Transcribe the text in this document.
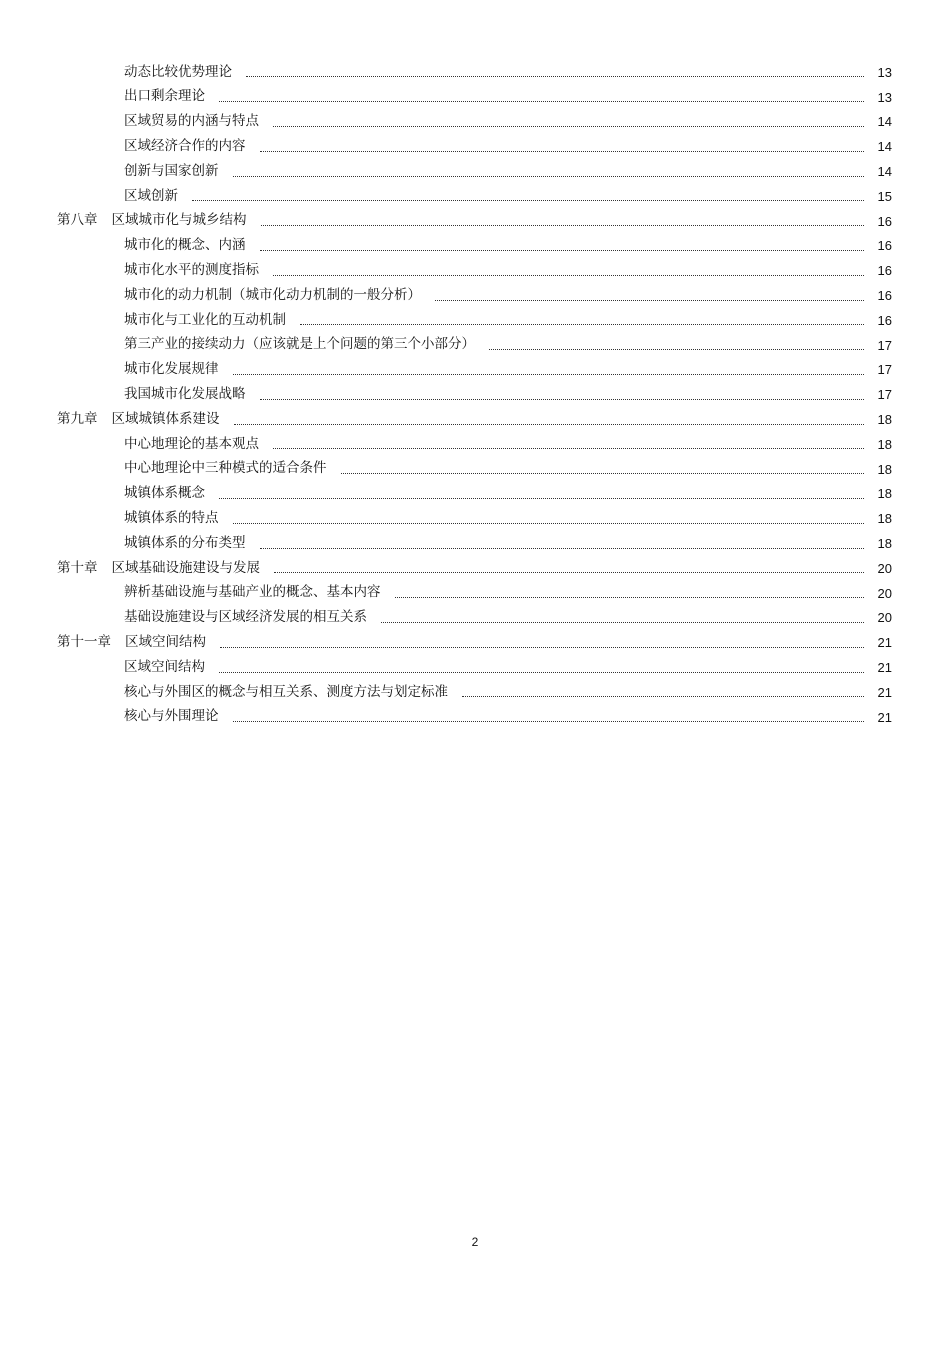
动态比较优势理论	13
出口剩余理论	13
区域贸易的内涵与特点	14
区域经济合作的内容	14
创新与国家创新	14
区域创新	15
第八章 区域城市化与城乡结构	16
城市化的概念、内涵	16
城市化水平的测度指标	16
城市化的动力机制（城市化动力机制的一般分析）	16
城市化与工业化的互动机制	16
第三产业的接续动力（应该就是上个问题的第三个小部分）	17
城市化发展规律	17
我国城市化发展战略	17
第九章 区域城镇体系建设	18
中心地理论的基本观点	18
中心地理论中三种模式的适合条件	18
城镇体系概念	18
城镇体系的特点	18
城镇体系的分布类型	18
第十章 区域基础设施建设与发展	20
辨析基础设施与基础产业的概念、基本内容	20
基础设施建设与区域经济发展的相互关系	20
第十一章 区域空间结构	21
区域空间结构	21
核心与外围区的概念与相互关系、测度方法与划定标准	21
核心与外围理论	21
2
